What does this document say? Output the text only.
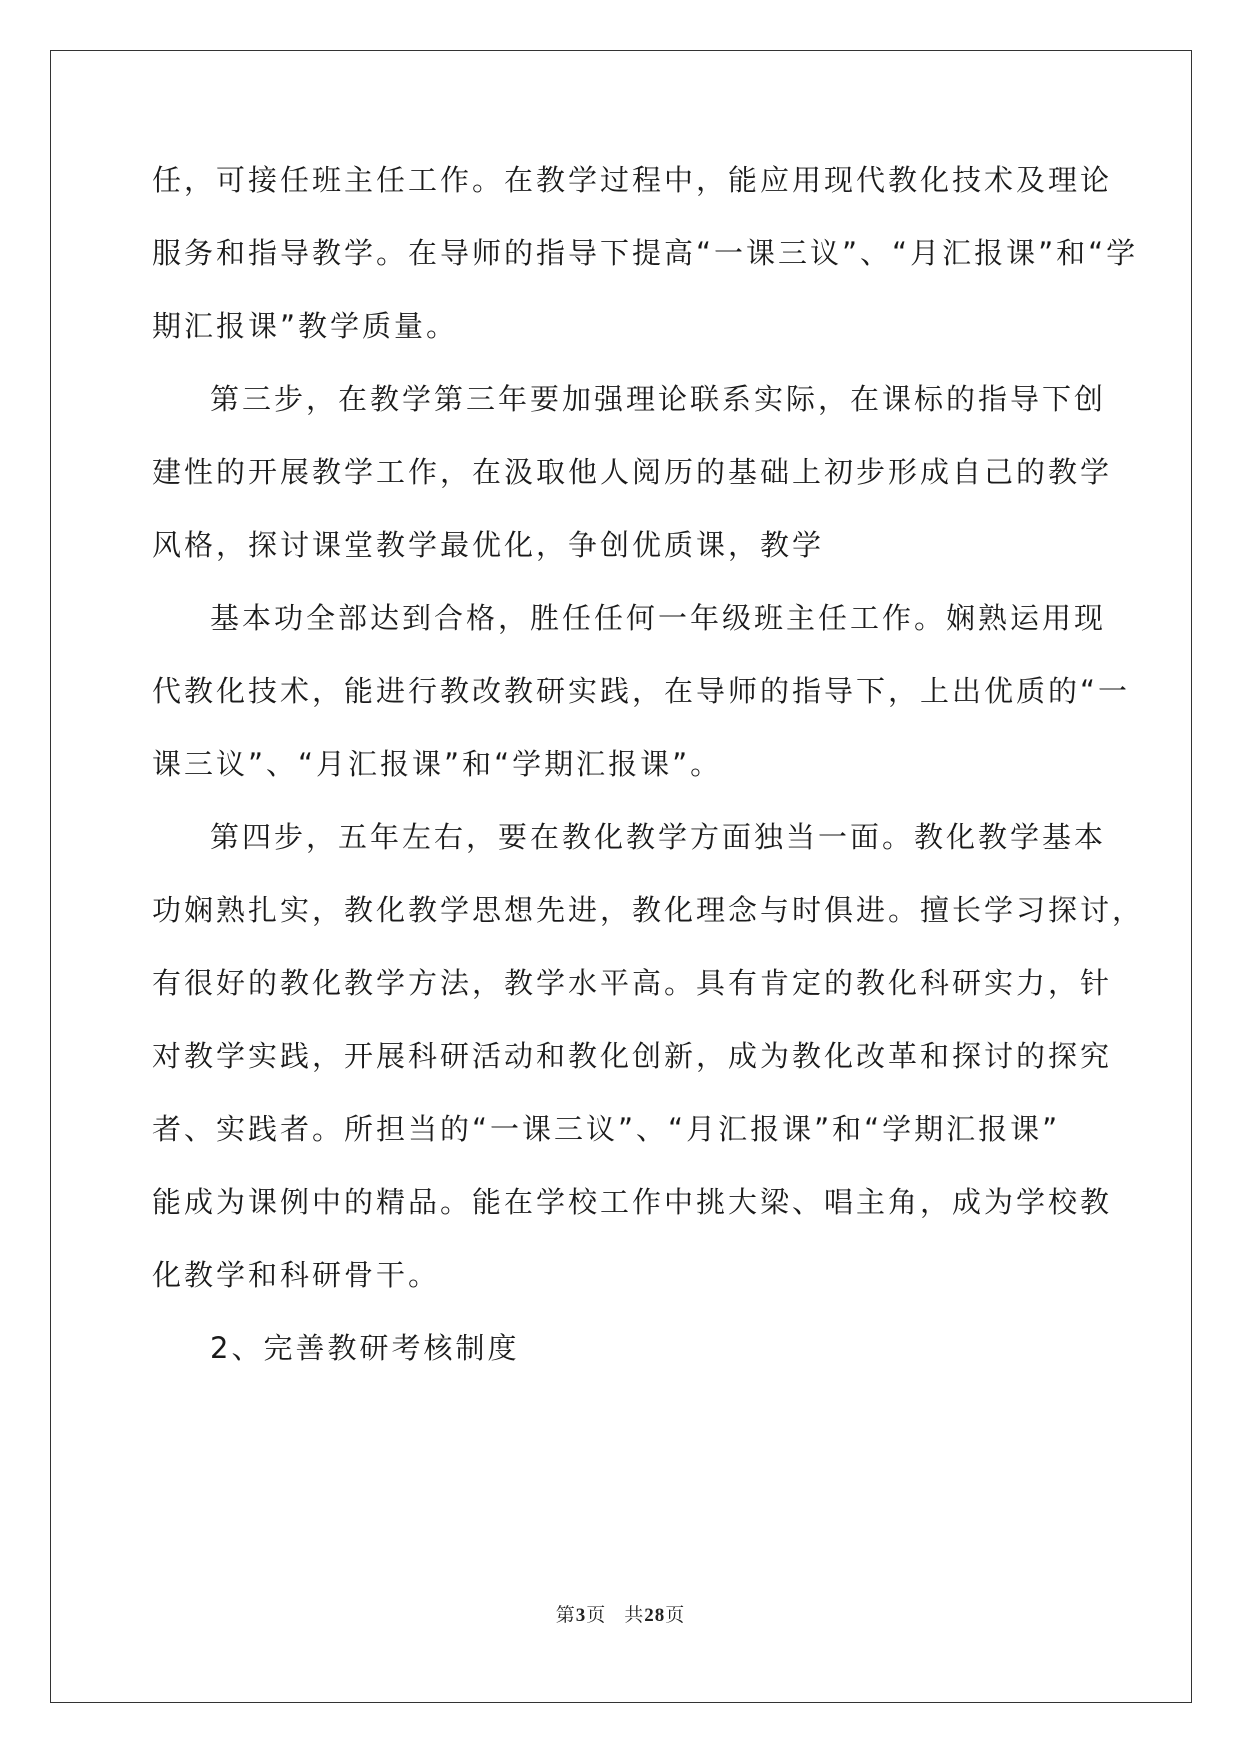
任，可接任班主任工作。在教学过程中，能应用现代教化技术及理论
服务和指导教学。在导师的指导下提高“一课三议”、“月汇报课”和“学
期汇报课”教学质量。
第三步，在教学第三年要加强理论联系实际，在课标的指导下创
建性的开展教学工作，在汲取他人阅历的基础上初步形成自己的教学
风格，探讨课堂教学最优化，争创优质课，教学
基本功全部达到合格，胜任任何一年级班主任工作。娴熟运用现
代教化技术，能进行教改教研实践，在导师的指导下，上出优质的“一
课三议”、“月汇报课”和“学期汇报课”。
第四步，五年左右，要在教化教学方面独当一面。教化教学基本
功娴熟扎实，教化教学思想先进，教化理念与时俱进。擅长学习探讨，
有很好的教化教学方法，教学水平高。具有肯定的教化科研实力，针
对教学实践，开展科研活动和教化创新，成为教化改革和探讨的探究
者、实践者。所担当的“一课三议”、“月汇报课”和“学期汇报课”
能成为课例中的精品。能在学校工作中挑大梁、唱主角，成为学校教
化教学和科研骨干。
2、完善教研考核制度
第3页 共28页
